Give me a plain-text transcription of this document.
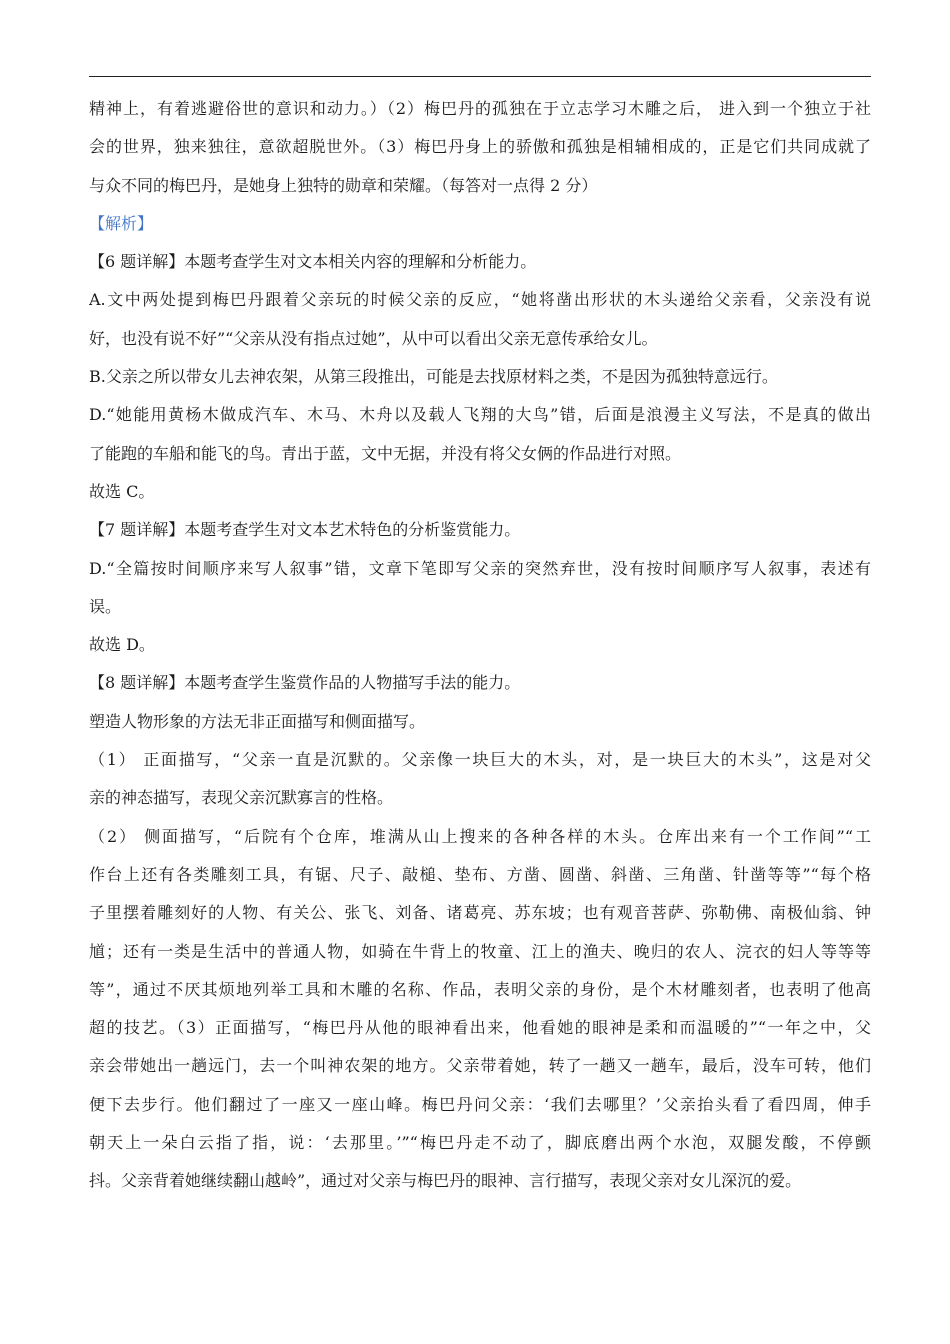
精神上，有着逃避俗世的意识和动力。）（2）梅巴丹的孤独在于立志学习木雕之后， 进入到一个独立于社
会的世界，独来独往，意欲超脱世外。（3）梅巴丹身上的骄傲和孤独是相辅相成的，正是它们共同成就了
与众不同的梅巴丹，是她身上独特的勋章和荣耀。（每答对一点得 2 分）
【解析】
【6 题详解】本题考查学生对文本相关内容的理解和分析能力。
A.文中两处提到梅巴丹跟着父亲玩的时候父亲的反应，“她将凿出形状的木头递给父亲看，父亲没有说
好，也没有说不好”“父亲从没有指点过她”，从中可以看出父亲无意传承给女儿。
B.父亲之所以带女儿去神农架，从第三段推出，可能是去找原材料之类，不是因为孤独特意远行。
D.“她能用黄杨木做成汽车、木马、木舟以及载人飞翔的大鸟”错，后面是浪漫主义写法，不是真的做出
了能跑的车船和能飞的鸟。青出于蓝，文中无据，并没有将父女俩的作品进行对照。
故选 C。
【7 题详解】本题考查学生对文本艺术特色的分析鉴赏能力。
D.“全篇按时间顺序来写人叙事”错，文章下笔即写父亲的突然弃世，没有按时间顺序写人叙事，表述有
误。
故选 D。
【8 题详解】本题考查学生鉴赏作品的人物描写手法的能力。
塑造人物形象的方法无非正面描写和侧面描写。
（1） 正面描写，“父亲一直是沉默的。父亲像一块巨大的木头，对，是一块巨大的木头”，这是对父
亲的神态描写，表现父亲沉默寡言的性格。
（2） 侧面描写，“后院有个仓库，堆满从山上搜来的各种各样的木头。仓库出来有一个工作间”“工
作台上还有各类雕刻工具，有锯、尺子、敲槌、垫布、方凿、圆凿、斜凿、三角凿、针凿等等”“每个格
子里摆着雕刻好的人物、有关公、张飞、刘备、诸葛亮、苏东坡；也有观音菩萨、弥勒佛、南极仙翁、钟
馗；还有一类是生活中的普通人物，如骑在牛背上的牧童、江上的渔夫、晚归的农人、浣衣的妇人等等等
等”，通过不厌其烦地列举工具和木雕的名称、作品，表明父亲的身份，是个木材雕刻者，也表明了他高
超的技艺。（3）正面描写，“梅巴丹从他的眼神看出来，他看她的眼神是柔和而温暖的”“一年之中，父
亲会带她出一趟远门，去一个叫神农架的地方。父亲带着她，转了一趟又一趟车，最后，没车可转，他们
便下去步行。他们翻过了一座又一座山峰。梅巴丹问父亲：‘我们去哪里？’父亲抬头看了看四周，伸手
朝天上一朵白云指了指，说：‘去那里。’”“梅巴丹走不动了，脚底磨出两个水泡，双腿发酸，不停颤
抖。父亲背着她继续翻山越岭”，通过对父亲与梅巴丹的眼神、言行描写，表现父亲对女儿深沉的爱。
